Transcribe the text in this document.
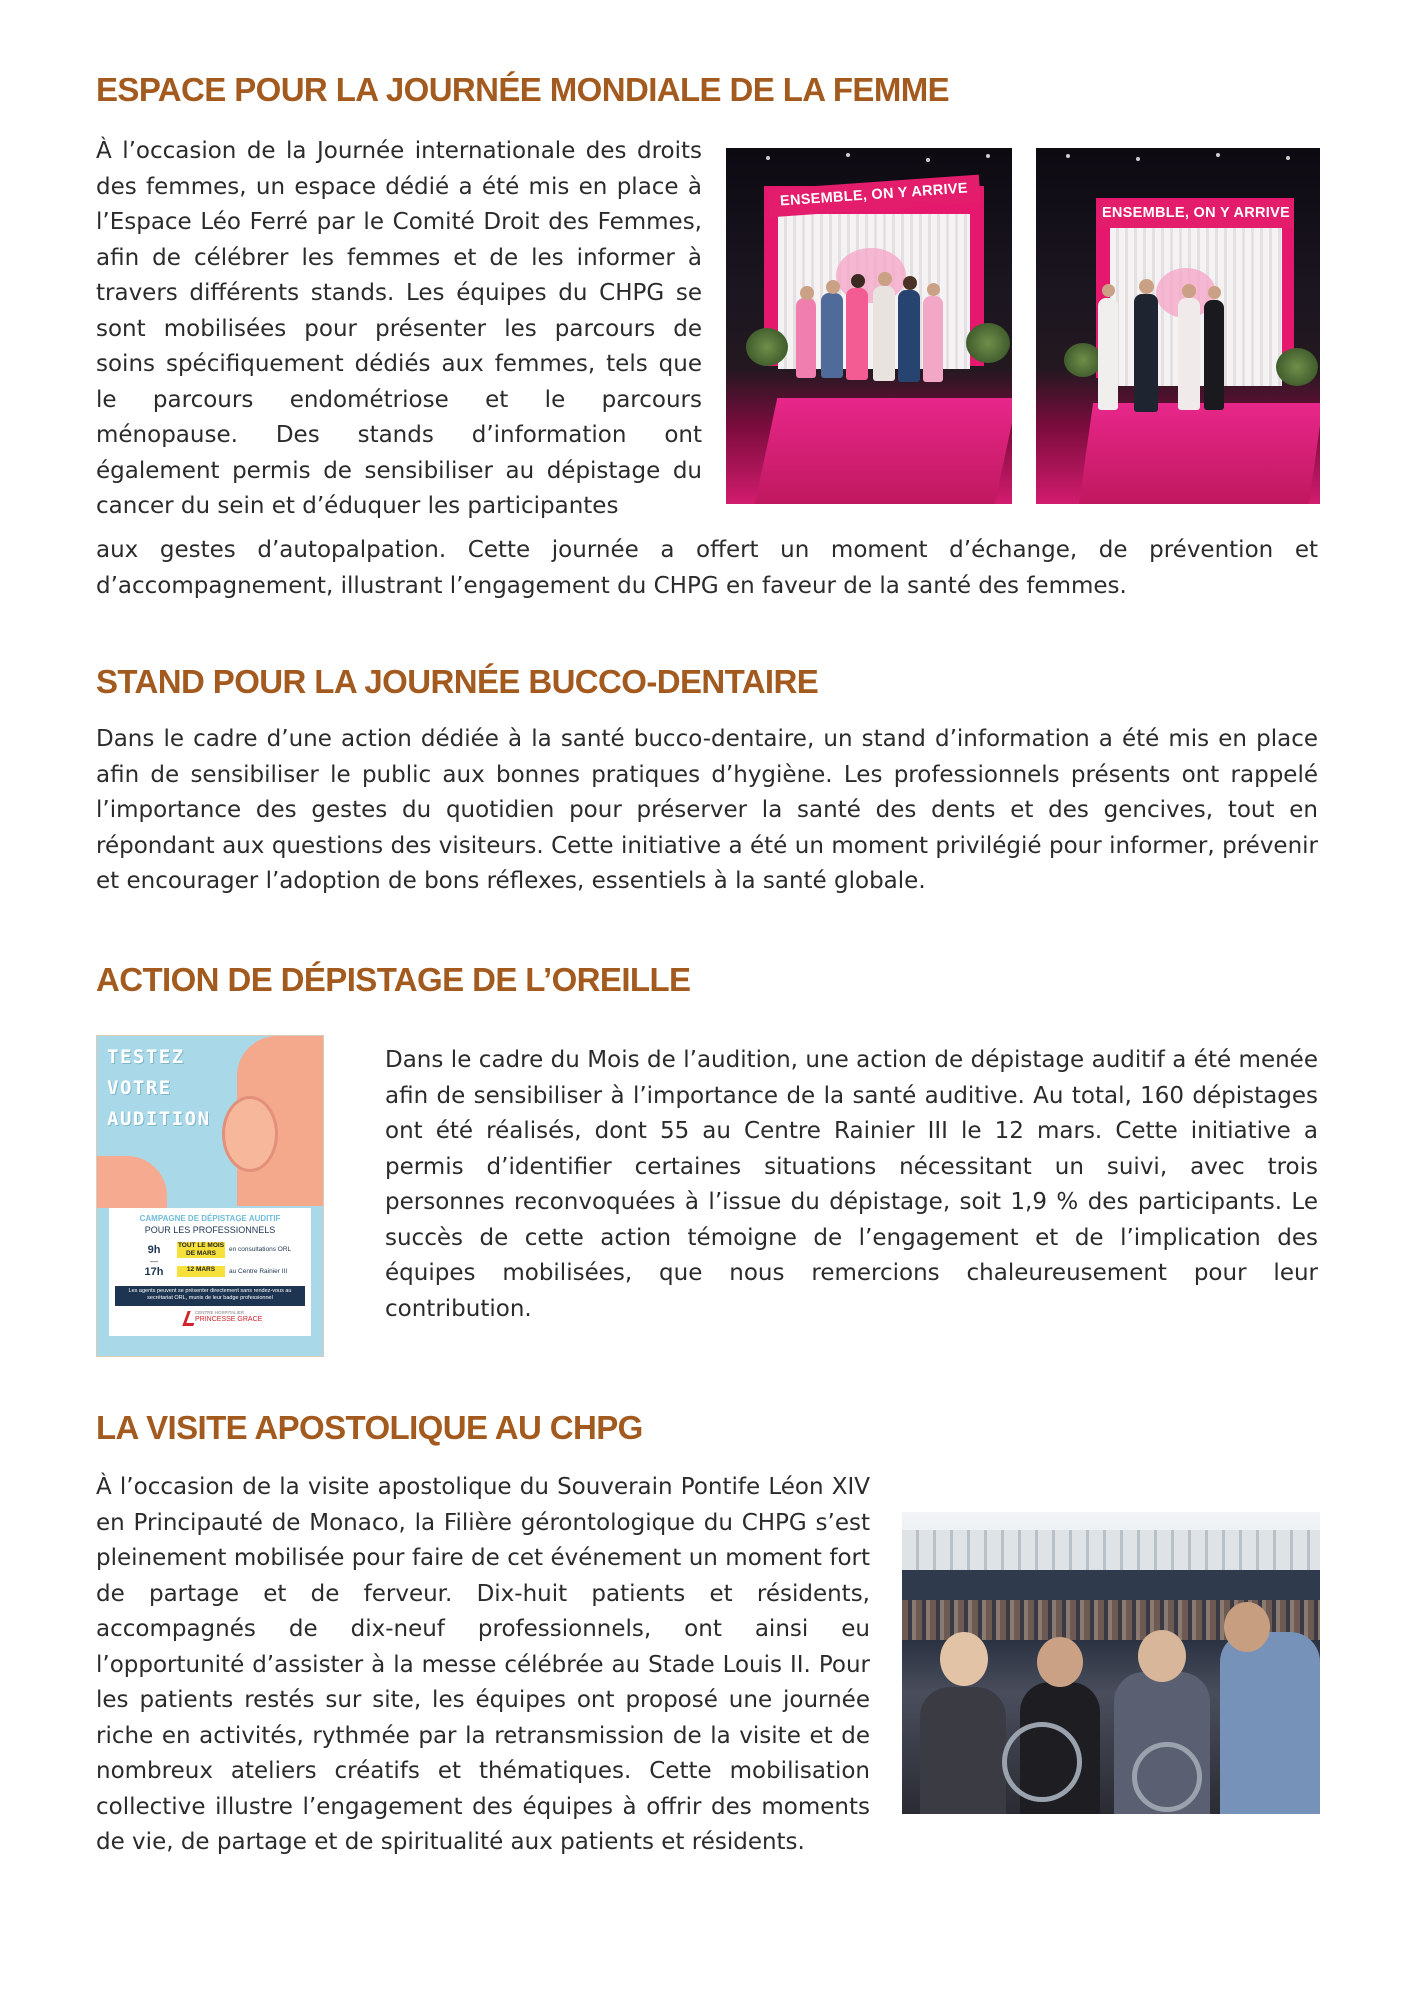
ESPACE POUR LA JOURNÉE MONDIALE DE LA FEMME

À l’occasion de la Journée internationale des droits des femmes, un espace dédié a été mis en place à l’Espace Léo Ferré par le Comité Droit des Femmes, afin de célébrer les femmes et de les informer à travers différents stands. Les équipes du CHPG se sont mobilisées pour présenter les parcours de soins spécifiquement dédiés aux femmes, tels que le parcours endométriose et le parcours ménopause. Des stands d’information ont également permis de sensibiliser au dépistage du cancer du sein et d’éduquer les participantes

aux gestes d’autopalpation. Cette journée a offert un moment d’échange, de prévention et d’accompagnement, illustrant l’engagement du CHPG en faveur de la santé des femmes.

ENSEMBLE, ON Y ARRIVE
ENSEMBLE, ON Y ARRIVE
STAND POUR LA JOURNÉE BUCCO-DENTAIRE

Dans le cadre d’une action dédiée à la santé bucco-dentaire, un stand d’information a été mis en place afin de sensibiliser le public aux bonnes pratiques d’hygiène. Les professionnels présents ont rappelé l’importance des gestes du quotidien pour préserver la santé des dents et des gencives, tout en répondant aux questions des visiteurs. Cette initiative a été un moment privilégié pour informer, prévenir et encourager l’adoption de bons réflexes, essentiels à la santé globale.

ACTION DE DÉPISTAGE DE L’OREILLE
TESTEZ
VOTRE
AUDITION
CAMPAGNE DE DÉPISTAGE AUDITIF
POUR LES PROFESSIONNELS
9h
—
17h
TOUT LE MOIS DE MARS
en consultations ORL
12 MARS	au Centre Rainier III
Les agents peuvent se présenter directement sans rendez-vous au secrétariat ORL, munis de leur badge professionnel
CENTRE HOSPITALIER
PRINCESSE GRACE

Dans le cadre du Mois de l’audition, une action de dépistage auditif a été menée afin de sensibiliser à l’importance de la santé auditive. Au total, 160 dépistages ont été réalisés, dont 55 au Centre Rainier III le 12 mars. Cette initiative a permis d’identifier certaines situations nécessitant un suivi, avec trois personnes reconvoquées à l’issue du dépistage, soit 1,9 % des participants. Le succès de cette action témoigne de l’engagement et de l’implication des équipes mobilisées, que nous remercions chaleureusement pour leur contribution.

LA VISITE APOSTOLIQUE AU CHPG

À l’occasion de la visite apostolique du Souverain Pontife Léon XIV en Principauté de Monaco, la Filière gérontologique du CHPG s’est pleinement mobilisée pour faire de cet événement un moment fort de partage et de ferveur. Dix-huit patients et résidents, accompagnés de dix-neuf professionnels, ont ainsi eu l’opportunité d’assister à la messe célébrée au Stade Louis II. Pour les patients restés sur site, les équipes ont proposé une journée riche en activités, rythmée par la retransmission de la visite et de nombreux ateliers créatifs et thématiques. Cette mobilisation collective illustre l’engagement des équipes à offrir des moments de vie, de partage et de spiritualité aux patients et résidents.
